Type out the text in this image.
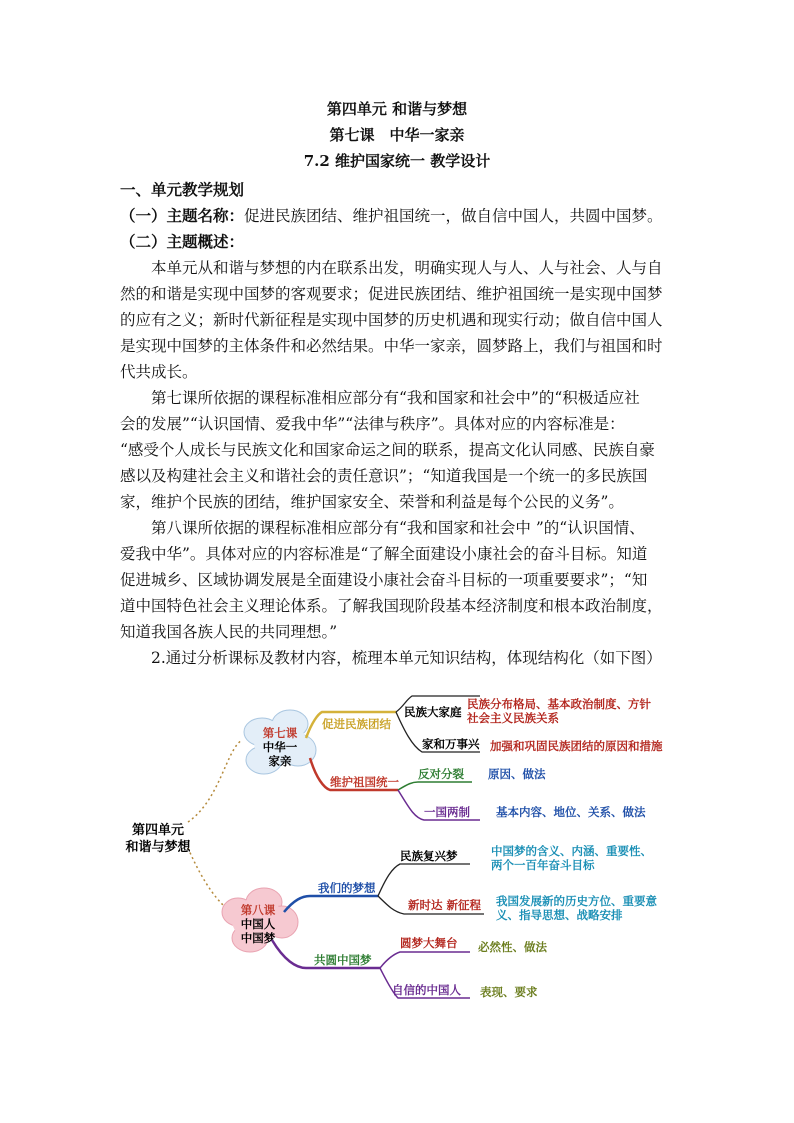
第四单元 和谐与梦想
第七课　中华一家亲
7.2 维护国家统一 教学设计
一、单元教学规划
（一）主题名称：促进民族团结、维护祖国统一，做自信中国人，共圆中国梦。
（二）主题概述：
　　本单元从和谐与梦想的内在联系出发，明确实现人与人、人与社会、人与自
然的和谐是实现中国梦的客观要求；促进民族团结、维护祖国统一是实现中国梦
的应有之义；新时代新征程是实现中国梦的历史机遇和现实行动；做自信中国人
是实现中国梦的主体条件和必然结果。中华一家亲，圆梦路上，我们与祖国和时
代共成长。
　　第七课所依据的课程标准相应部分有“我和国家和社会中”的“积极适应社
会的发展”“认识国情、爱我中华”“法律与秩序”。具体对应的内容标准是：
“感受个人成长与民族文化和国家命运之间的联系，提高文化认同感、民族自豪
感以及构建社会主义和谐社会的责任意识”；“知道我国是一个统一的多民族国
家，维护个民族的团结，维护国家安全、荣誉和利益是每个公民的义务”。
　　第八课所依据的课程标准相应部分有“我和国家和社会中 ”的“认识国情、
爱我中华”。具体对应的内容标准是“了解全面建设小康社会的奋斗目标。知道
促进城乡、区域协调发展是全面建设小康社会奋斗目标的一项重要要求”；“知
道中国特色社会主义理论体系。了解我国现阶段基本经济制度和根本政治制度，
知道我国各族人民的共同理想。”
　　2.通过分析课标及教材内容，梳理本单元知识结构，体现结构化（如下图）
第四单元
和谐与梦想
第七课
中华一
家亲
第八课
中国人
中国梦
促进民族团结
民族大家庭
家和万事兴
民族分布格局、基本政治制度、方针
社会主义民族关系
加强和巩固民族团结的原因和措施
维护祖国统一
反对分裂
一国两制
原因、做法
基本内容、地位、关系、做法
我们的梦想
民族复兴梦
新时达 新征程
中国梦的含义、内涵、重要性、
两个一百年奋斗目标
我国发展新的历史方位、重要意
义、指导思想、战略安排
共圆中国梦
圆梦大舞台
自信的中国人
必然性、做法
表现、要求
